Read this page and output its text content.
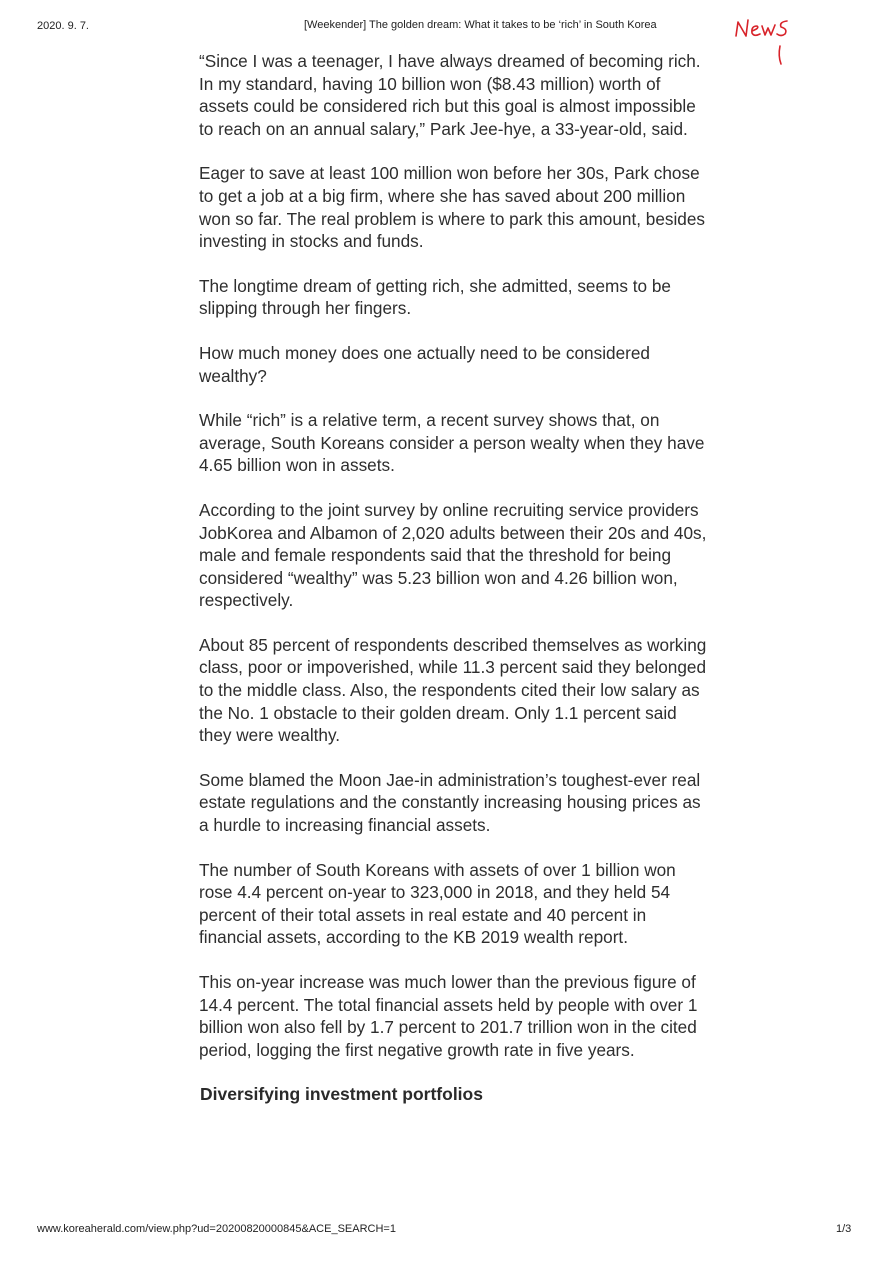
2020. 9. 7.	[Weekender] The golden dream: What it takes to be ‘rich’ in South Korea

“Since I was a teenager, I have always dreamed of becoming rich. In my standard, having 10 billion won ($8.43 million) worth of assets could be considered rich but this goal is almost impossible to reach on an annual salary,” Park Jee-hye, a 33-year-old, said.

Eager to save at least 100 million won before her 30s, Park chose to get a job at a big firm, where she has saved about 200 million won so far. The real problem is where to park this amount, besides investing in stocks and funds.

The longtime dream of getting rich, she admitted, seems to be slipping through her fingers.

How much money does one actually need to be considered wealthy?

While “rich” is a relative term, a recent survey shows that, on average, South Koreans consider a person wealty when they have 4.65 billion won in assets.

According to the joint survey by online recruiting service providers JobKorea and Albamon of 2,020 adults between their 20s and 40s, male and female respondents said that the threshold for being considered “wealthy” was 5.23 billion won and 4.26 billion won, respectively.

About 85 percent of respondents described themselves as working class, poor or impoverished, while 11.3 percent said they belonged to the middle class. Also, the respondents cited their low salary as the No. 1 obstacle to their golden dream. Only 1.1 percent said they were wealthy.

Some blamed the Moon Jae-in administration’s toughest-ever real estate regulations and the constantly increasing housing prices as a hurdle to increasing financial assets.

The number of South Koreans with assets of over 1 billion won rose 4.4 percent on-year to 323,000 in 2018, and they held 54 percent of their total assets in real estate and 40 percent in financial assets, according to the KB 2019 wealth report.

This on-year increase was much lower than the previous figure of 14.4 percent. The total financial assets held by people with over 1 billion won also fell by 1.7 percent to 201.7 trillion won in the cited period, logging the first negative growth rate in five years.

Diversifying investment portfolios
www.koreaherald.com/view.php?ud=20200820000845&ACE_SEARCH=1	1/3
